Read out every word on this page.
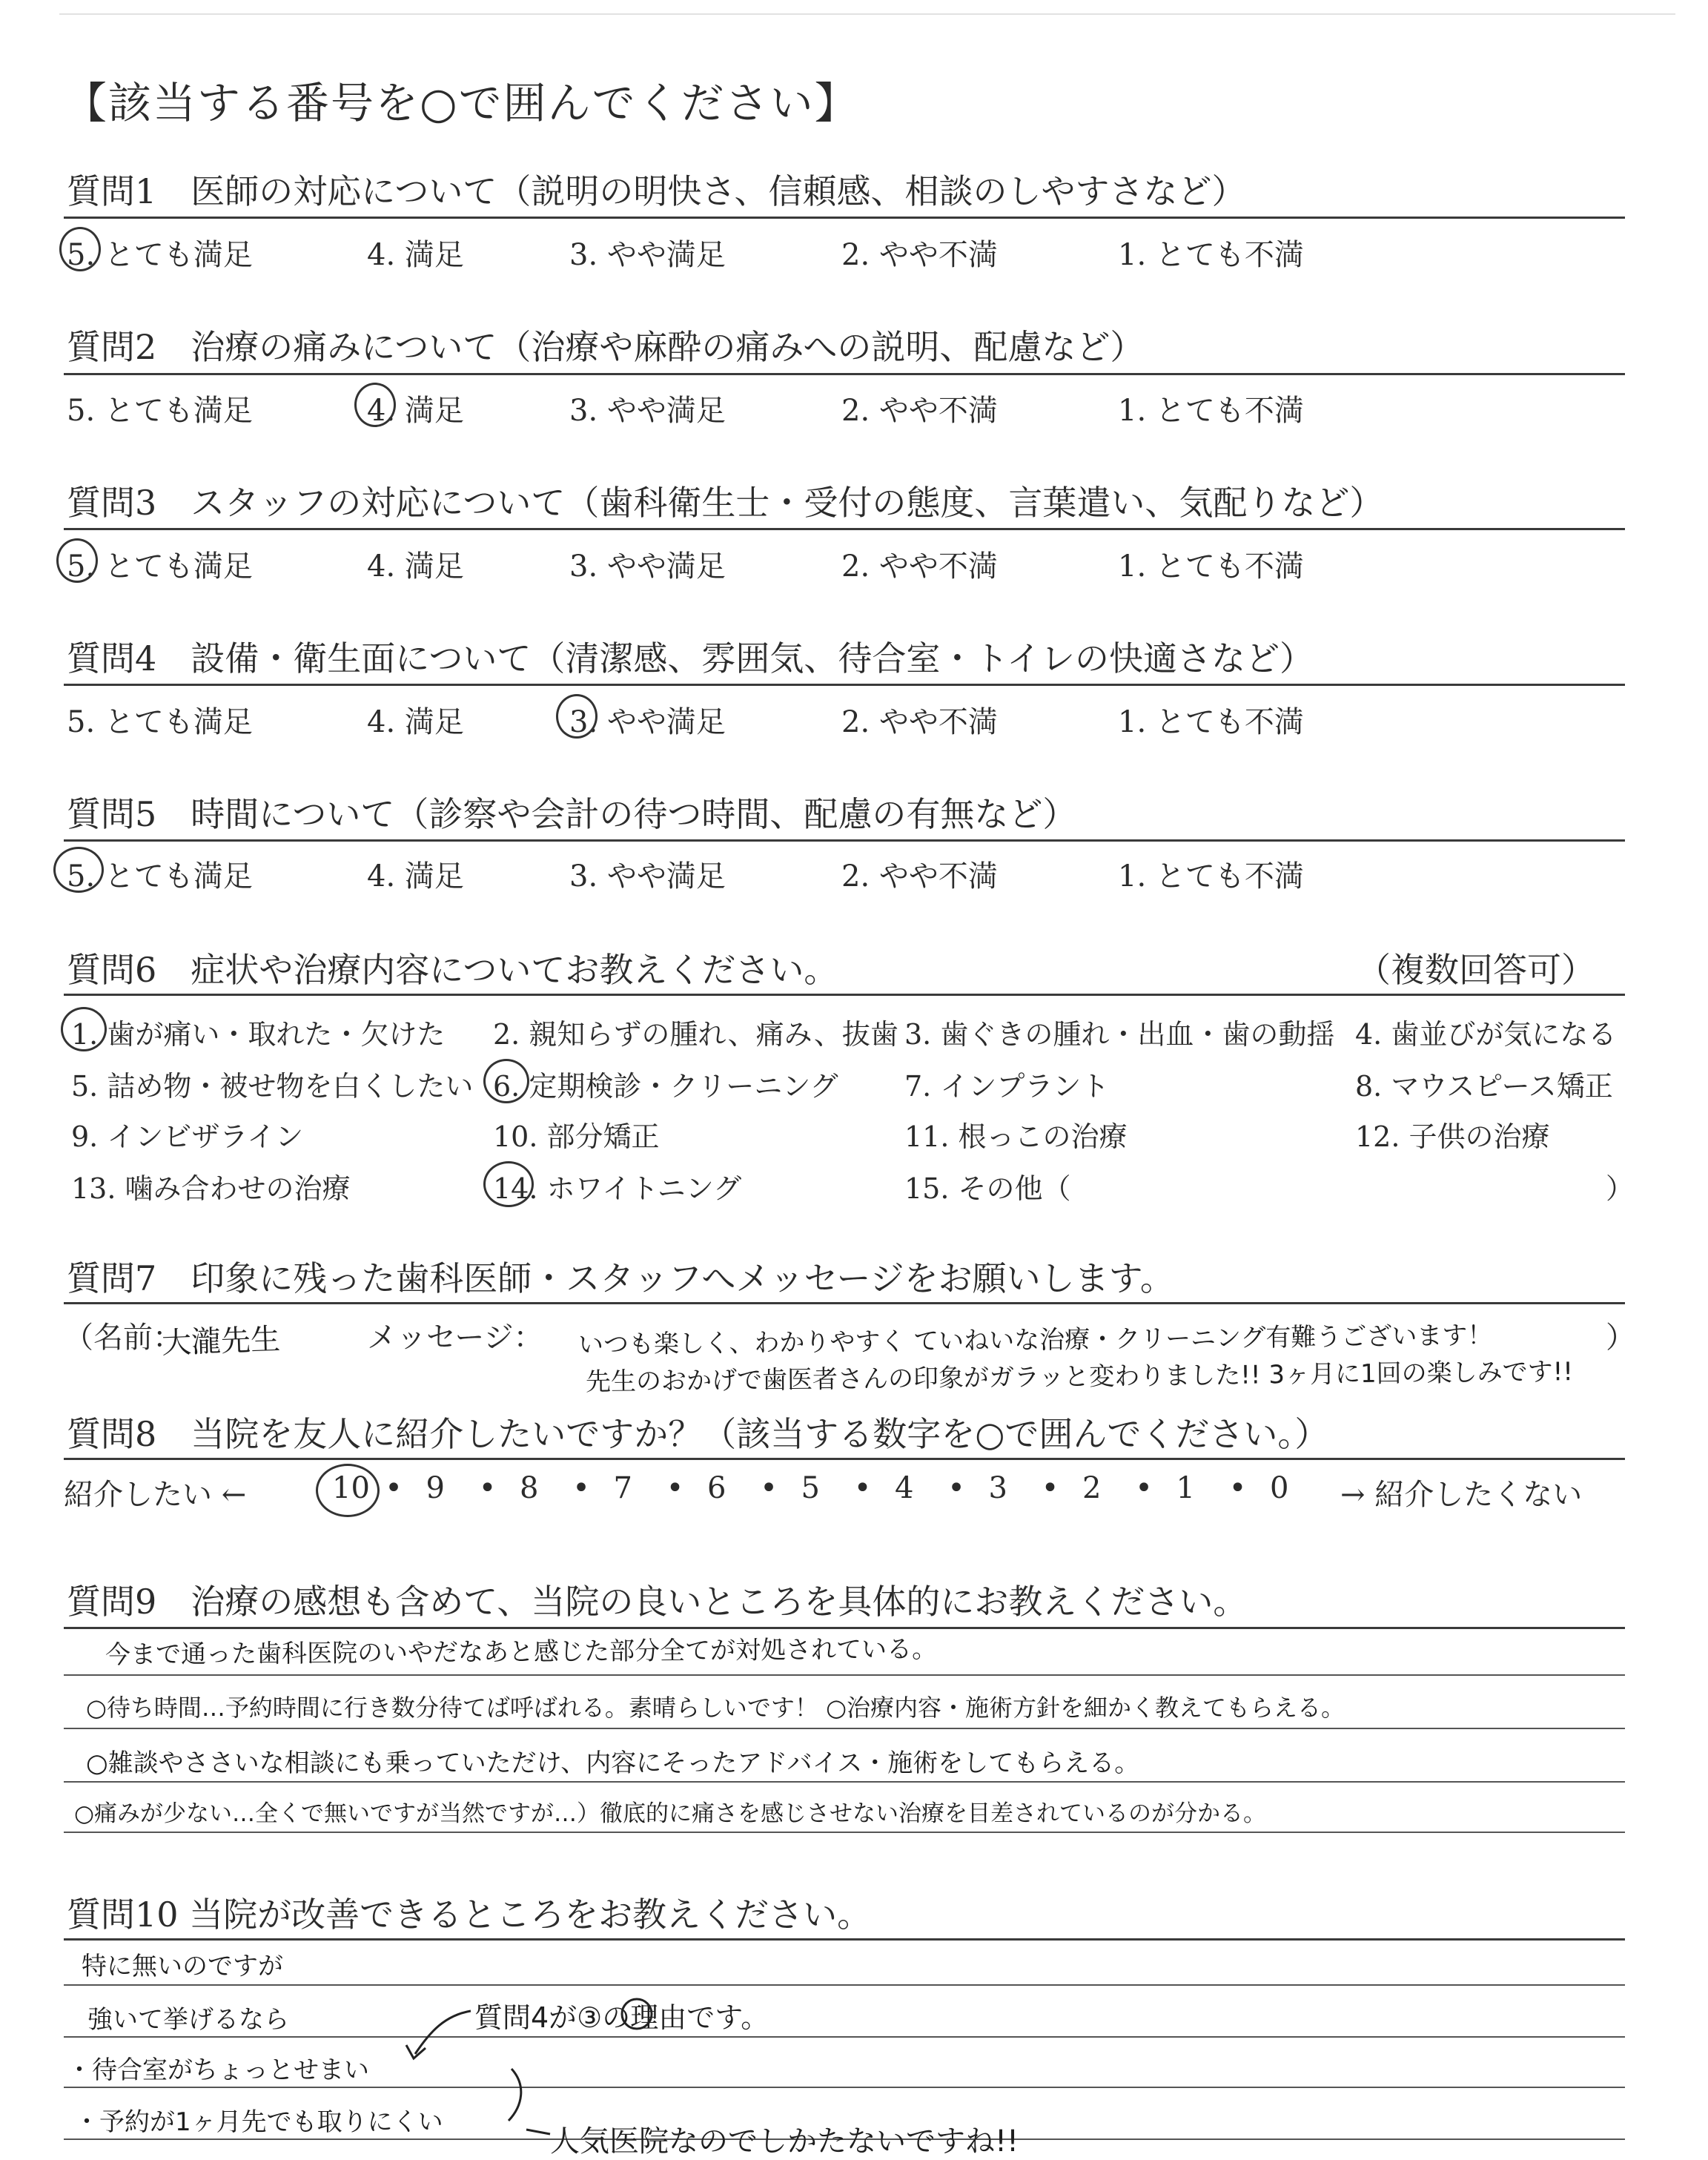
【該当する番号を○で囲んでください】
質問1　医師の対応について（説明の明快さ、信頼感、相談のしやすさなど）
5. とても満足	4. 満足	3. やや満足	2. やや不満	1. とても不満
質問2　治療の痛みについて（治療や麻酔の痛みへの説明、配慮など）
5. とても満足	4. 満足	3. やや満足	2. やや不満	1. とても不満
質問3　スタッフの対応について（歯科衛生士・受付の態度、言葉遣い、気配りなど）
5. とても満足	4. 満足	3. やや満足	2. やや不満	1. とても不満
質問4　設備・衛生面について（清潔感、雰囲気、待合室・トイレの快適さなど）
5. とても満足	4. 満足	3. やや満足	2. やや不満	1. とても不満
質問5　時間について（診察や会計の待つ時間、配慮の有無など）
5. とても満足	4. 満足	3. やや満足	2. やや不満	1. とても不満
質問6　症状や治療内容についてお教えください。	（複数回答可）
1. 歯が痛い・取れた・欠けた 2. 親知らずの腫れ、痛み、抜歯 3. 歯ぐきの腫れ・出血・歯の動揺 4. 歯並びが気になる
5. 詰め物・被せ物を白くしたい 6. 定期検診・クリーニング 7. インプラント	8. マウスピース矯正
9. インビザライン	10. 部分矯正	11. 根っこの治療	12. 子供の治療
13. 噛み合わせの治療	14. ホワイトニング	15. その他（	）
質問7　印象に残った歯科医師・スタッフへメッセージをお願いします。
（名前：
大瀧先生	メッセージ： いつも楽しく、わかりやすく ていねいな治療・クリーニング有難うございます！
先生のおかげで歯医者さんの印象がガラッと変わりました!! 3ヶ月に1回の楽しみです!!
）
質問8　当院を友人に紹介したいですか？（該当する数字を○で囲んでください。）
紹介したい ←	→ 紹介したくない
10 • 9 • 8 • 7 • 6 • 5 • 4 • 3 • 2 • 1 • 0
質問9　治療の感想も含めて、当院の良いところを具体的にお教えください。
今まで通った歯科医院のいやだなあと感じた部分全てが対処されている。
○待ち時間…予約時間に行き数分待てば呼ばれる。素晴らしいです！ ○治療内容・施術方針を細かく教えてもらえる。
○雑談やささいな相談にも乗っていただけ、内容にそったアドバイス・施術をしてもらえる。
○痛みが少ない…全くで無いですが当然ですが…）徹底的に痛さを感じさせない治療を目差されているのが分かる。
質問10 当院が改善できるところをお教えください。
特に無いのですが
強いて挙げるなら
・待合室がちょっとせまい
・予約が1ヶ月先でも取りにくい
質問4が③の理由です。
人気医院なのでしかたないですね!!
